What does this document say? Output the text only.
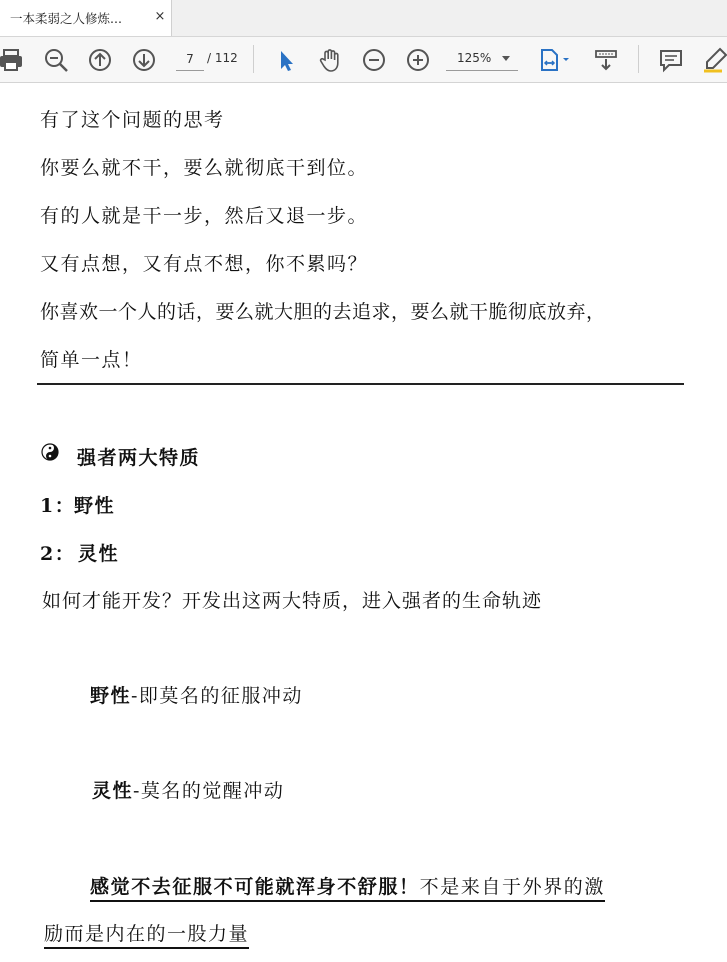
一本柔弱之人修炼...	×
7
/ 112	125%
有了这个问题的思考
你要么就不干，要么就彻底干到位。
有的人就是干一步，然后又退一步。
又有点想，又有点不想，你不累吗？
你喜欢一个人的话，要么就大胆的去追求，要么就干脆彻底放弃，
简单一点！
强者两大特质
1：
野性
2： 灵性
如何才能开发？开发出这两大特质，进入强者的生命轨迹
野性-即莫名的征服冲动
灵性-莫名的觉醒冲动
感觉不去征服不可能就浑身不舒服！不是来自于外界的激
励而是内在的一股力量
